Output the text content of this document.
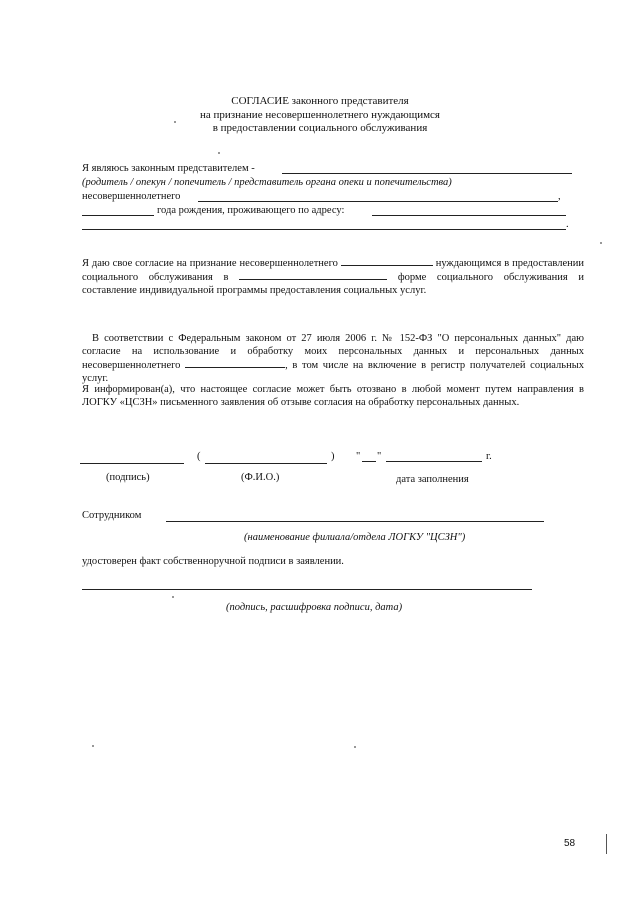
СОГЛАСИЕ законного представителя
на признание несовершеннолетнего нуждающимся
в предоставлении социального обслуживания
Я являюсь законным представителем -
(родитель / опекун / попечитель / представитель органа опеки и попечительства)
несовершеннолетнего	,
года рождения, проживающего по адресу:
.
Я даю свое согласие на признание несовершеннолетнего	нуждающимся в предоставлении социального обслуживания в	форме социального обслуживания и составление индивидуальной программы предоставления социальных услуг.
В соответствии с Федеральным законом от 27 июля 2006 г. № 152-ФЗ "О персональных данных" даю согласие на использование и обработку моих персональных данных и персональных данных несовершеннолетнего	, в том числе на включение в регистр получателей социальных услуг.
Я информирован(а), что настоящее согласие может быть отозвано в любой момент путем направления в ЛОГКУ «ЦСЗН» письменного заявления об отзыве согласия на обработку персональных данных.
(	) " "	г.
(подпись)	(Ф.И.О.)	дата заполнения
Сотрудником
(наименование филиала/отдела ЛОГКУ "ЦСЗН")
удостоверен факт собственноручной подписи в заявлении.
(подпись, расшифровка подписи, дата)
58
